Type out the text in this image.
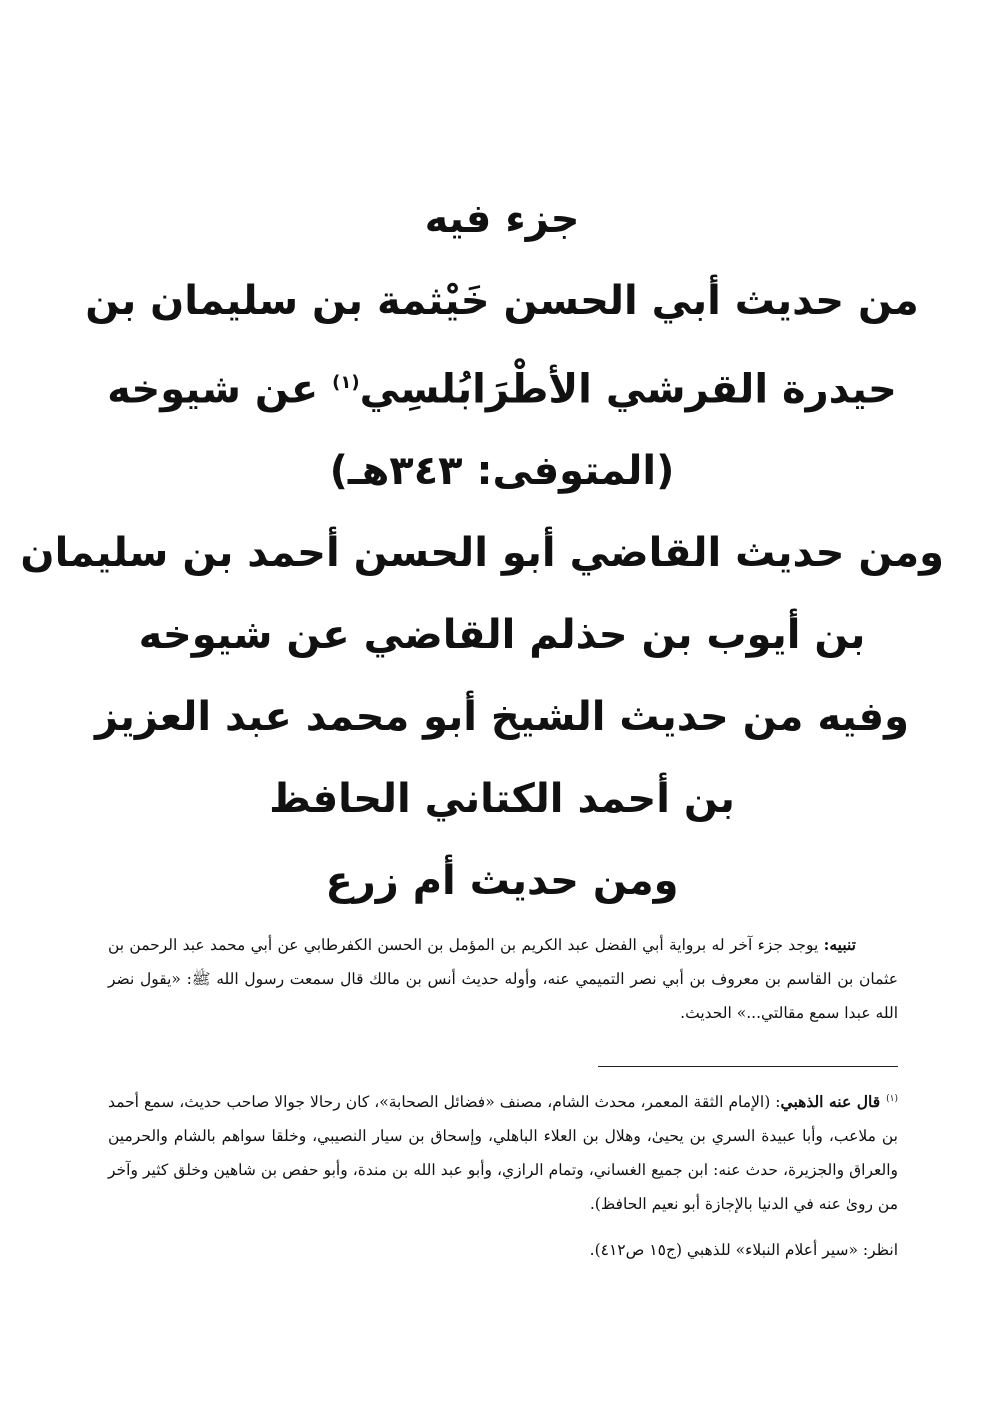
جزء فيه
من حديث أبي الحسن خَيْثمة بن سليمان بن
حيدرة القرشي الأطْرَابُلسِي$^{(١)}$ عن شيوخه
(المتوفى: ٣٤٣هـ)
ومن حديث القاضي أبو الحسن أحمد بن سليمان
بن أيوب بن حذلم القاضي عن شيوخه
وفيه من حديث الشيخ أبو محمد عبد العزيز
بن أحمد الكتاني الحافظ
ومن حديث أم زرع

تنبيه: يوجد جزء آخر له برواية أبي الفضل عبد الكريم بن المؤمل بن الحسن الكفرطابي عن أبي محمد عبد الرحمن بن عثمان بن القاسم بن معروف بن أبي نصر التميمي عنه، وأوله حديث أنس بن مالك قال سمعت رسول الله ﷺ: «يقول نضر الله عبدا سمع مقالتي...» الحديث.

$^{(١)}$قال عنه الذهبي: (الإمام الثقة المعمر، محدث الشام، مصنف «فضائل الصحابة»، كان رحالا جوالا صاحب حديث، سمع أحمد بن ملاعب، وأبا عبيدة السري بن يحيىٰ، وهلال بن العلاء الباهلي، وإسحاق بن سيار النصيبي، وخلقا سواهم بالشام والحرمين والعراق والجزيرة، حدث عنه: ابن جميع الغساني، وتمام الرازي، وأبو عبد الله بن مندة، وأبو حفص بن شاهين وخلق كثير وآخر من روىٰ عنه في الدنيا بالإجازة أبو نعيم الحافظ).

انظر: «سير أعلام النبلاء» للذهبي (ج١٥ ص٤١٢).
